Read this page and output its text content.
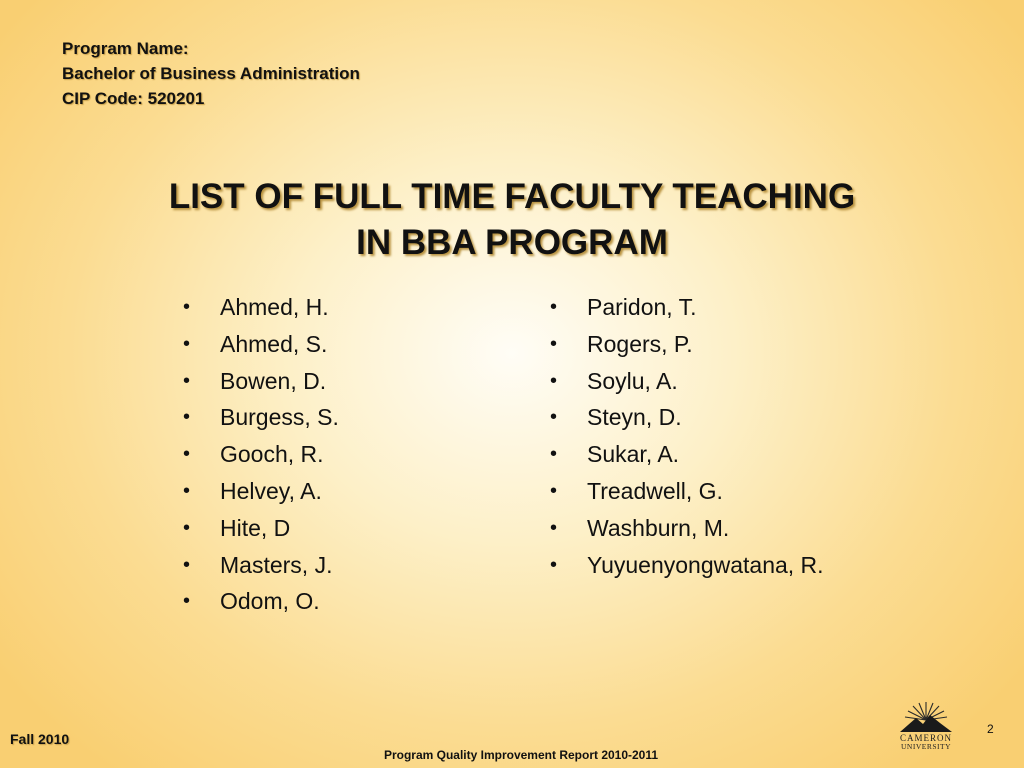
Program Name:
Bachelor of Business Administration
CIP Code: 520201
LIST OF FULL TIME FACULTY TEACHING
IN BBA PROGRAM
• Ahmed, H.
• Ahmed, S.
• Bowen, D.
• Burgess, S.
• Gooch, R.
• Helvey, A.
• Hite, D
• Masters, J.
• Odom, O.
• Paridon, T.
• Rogers, P.
• Soylu, A.
• Steyn, D.
• Sukar, A.
• Treadwell, G.
• Washburn, M.
• Yuyuenyongwatana, R.
Fall 2010
Program Quality Improvement Report 2010-2011
2
CAMERON
UNIVERSITY
